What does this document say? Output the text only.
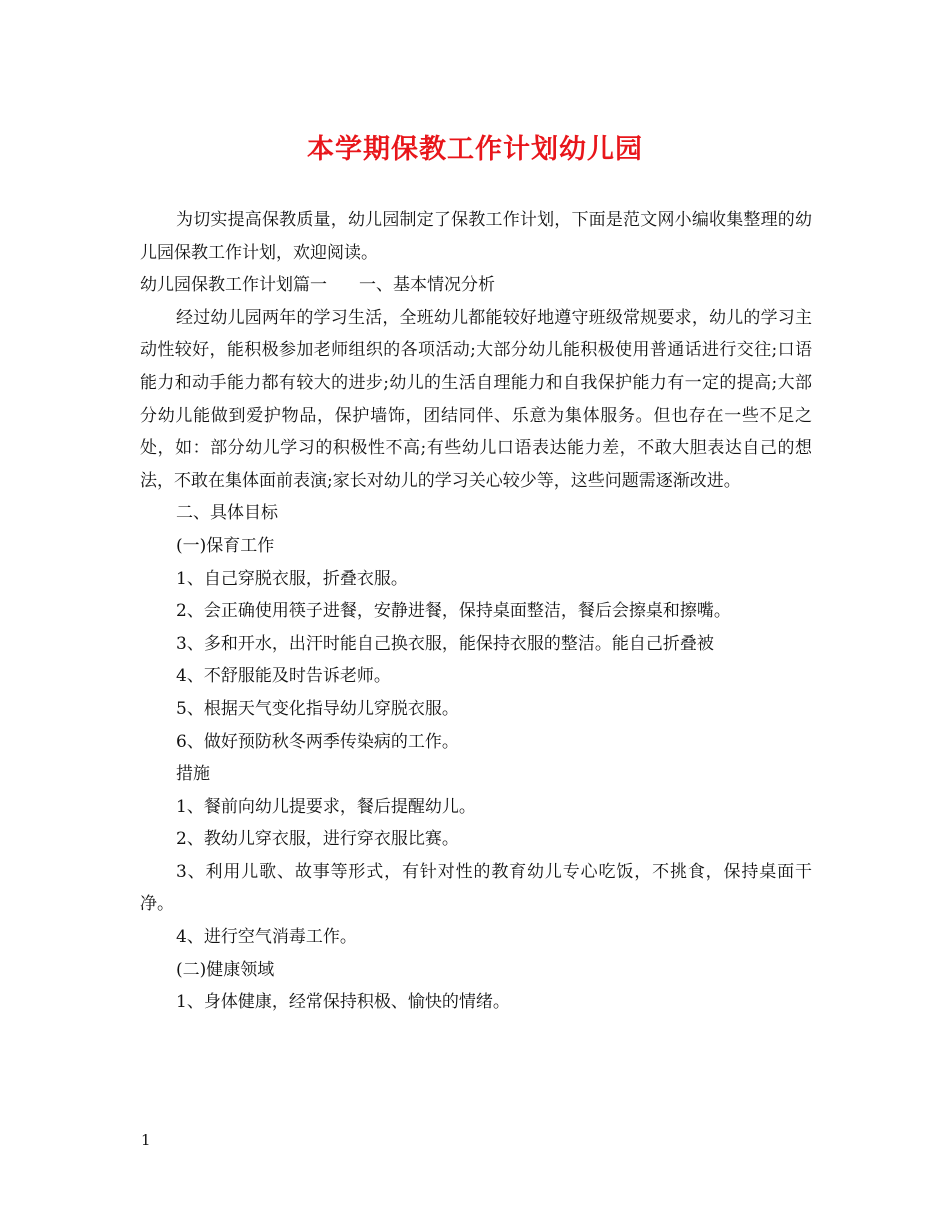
本学期保教工作计划幼儿园

为切实提高保教质量，幼儿园制定了保教工作计划，下面是范文网小编收集整理的幼儿园保教工作计划，欢迎阅读。

幼儿园保教工作计划篇一 一、基本情况分析

经过幼儿园两年的学习生活，全班幼儿都能较好地遵守班级常规要求，幼儿的学习主动性较好，能积极参加老师组织的各项活动;大部分幼儿能积极使用普通话进行交往;口语能力和动手能力都有较大的进步;幼儿的生活自理能力和自我保护能力有一定的提高;大部分幼儿能做到爱护物品，保护墙饰，团结同伴、乐意为集体服务。但也存在一些不足之处，如：部分幼儿学习的积极性不高;有些幼儿口语表达能力差，不敢大胆表达自己的想法，不敢在集体面前表演;家长对幼儿的学习关心较少等，这些问题需逐渐改进。

二、具体目标

(一)保育工作

1、自己穿脱衣服，折叠衣服。

2、会正确使用筷子进餐，安静进餐，保持桌面整洁，餐后会擦桌和擦嘴。

3、多和开水，出汗时能自己换衣服，能保持衣服的整洁。能自己折叠被

4、不舒服能及时告诉老师。

5、根据天气变化指导幼儿穿脱衣服。

6、做好预防秋冬两季传染病的工作。

措施

1、餐前向幼儿提要求，餐后提醒幼儿。

2、教幼儿穿衣服，进行穿衣服比赛。

3、利用儿歌、故事等形式，有针对性的教育幼儿专心吃饭，不挑食，保持桌面干净。

4、进行空气消毒工作。

(二)健康领域

1、身体健康，经常保持积极、愉快的情绪。

1
